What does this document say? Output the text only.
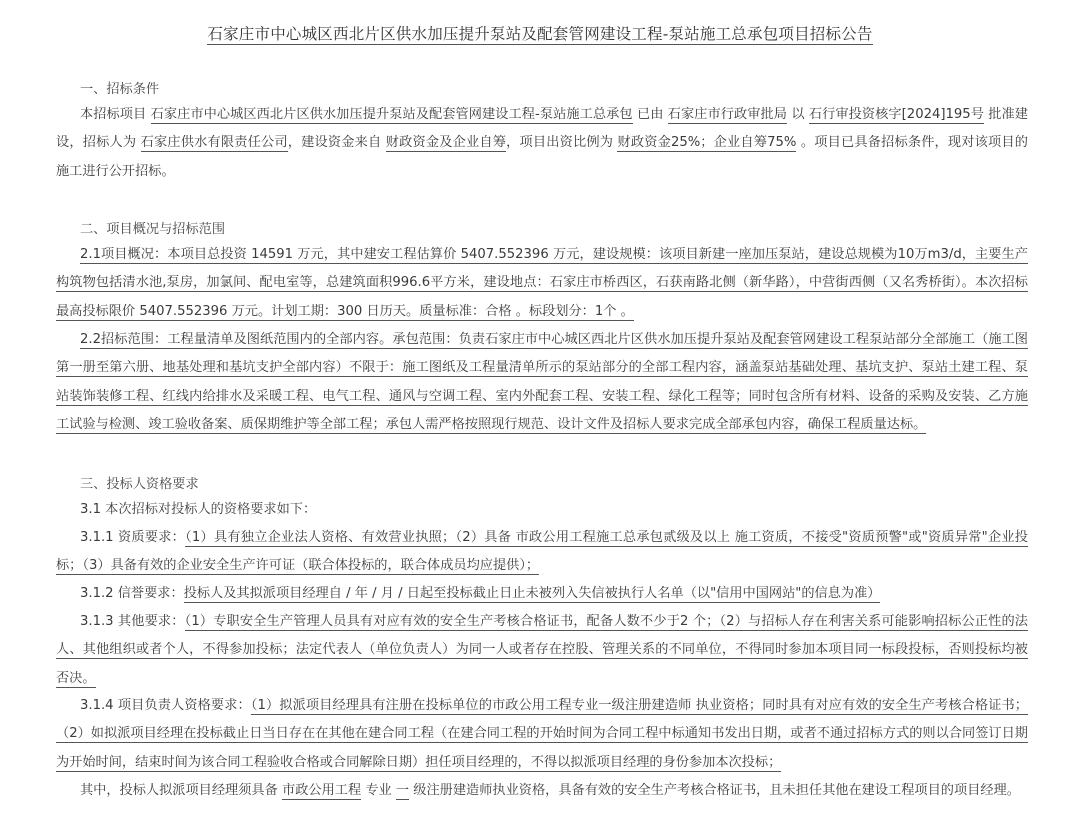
石家庄市中心城区西北片区供水加压提升泵站及配套管网建设工程-泵站施工总承包项目招标公告
一、招标条件
本招标项目 石家庄市中心城区西北片区供水加压提升泵站及配套管网建设工程-泵站施工总承包 已由 石家庄市行政审批局 以 石行审投资核字[2024]195号 批准建设，招标人为 石家庄供水有限责任公司，建设资金来自 财政资金及企业自筹，项目出资比例为 财政资金25%；企业自筹75% 。项目已具备招标条件，现对该项目的施工进行公开招标。
二、项目概况与招标范围
2.1项目概况：本项目总投资 14591 万元，其中建安工程估算价 5407.552396 万元，建设规模：该项目新建一座加压泵站，建设总规模为10万m3/d，主要生产构筑物包括清水池,泵房，加氯间、配电室等，总建筑面积996.6平方米，建设地点：石家庄市桥西区，石获南路北侧（新华路），中营街西侧（又名秀桥街）。本次招标最高投标限价 5407.552396 万元。计划工期：300 日历天。质量标准：合格 。标段划分：1个 。
2.2招标范围：工程量清单及图纸范围内的全部内容。承包范围：负责石家庄市中心城区西北片区供水加压提升泵站及配套管网建设工程泵站部分全部施工（施工图第一册至第六册、地基处理和基坑支护全部内容）不限于：施工图纸及工程量清单所示的泵站部分的全部工程内容，涵盖泵站基础处理、基坑支护、泵站土建工程、泵站装饰装修工程、红线内给排水及采暖工程、电气工程、通风与空调工程、室内外配套工程、安装工程、绿化工程等；同时包含所有材料、设备的采购及安装、乙方施工试验与检测、竣工验收备案、质保期维护等全部工程；承包人需严格按照现行规范、设计文件及招标人要求完成全部承包内容，确保工程质量达标。
三、投标人资格要求
3.1 本次招标对投标人的资格要求如下：
3.1.1 资质要求：（1）具有独立企业法人资格、有效营业执照；（2）具备 市政公用工程施工总承包贰级及以上 施工资质，不接受"资质预警"或"资质异常"企业投标；（3）具备有效的企业安全生产许可证（联合体投标的，联合体成员均应提供）；
3.1.2 信誉要求：投标人及其拟派项目经理自 / 年 / 月 / 日起至投标截止日止未被列入失信被执行人名单（以"信用中国网站"的信息为准）
3.1.3 其他要求：（1）专职安全生产管理人员具有对应有效的安全生产考核合格证书，配备人数不少于2 个；（2）与招标人存在利害关系可能影响招标公正性的法人、其他组织或者个人，不得参加投标；法定代表人（单位负责人）为同一人或者存在控股、管理关系的不同单位，不得同时参加本项目同一标段投标，否则投标均被否决。
3.1.4 项目负责人资格要求：（1）拟派项目经理具有注册在投标单位的市政公用工程专业一级注册建造师 执业资格；同时具有对应有效的安全生产考核合格证书；（2）如拟派项目经理在投标截止日当日存在在其他在建合同工程（在建合同工程的开始时间为合同工程中标通知书发出日期，或者不通过招标方式的则以合同签订日期为开始时间，结束时间为该合同工程验收合格或合同解除日期）担任项目经理的，不得以拟派项目经理的身份参加本次投标；
其中，投标人拟派项目经理须具备 市政公用工程 专业 一 级注册建造师执业资格，具备有效的安全生产考核合格证书，且未担任其他在建设工程项目的项目经理。
